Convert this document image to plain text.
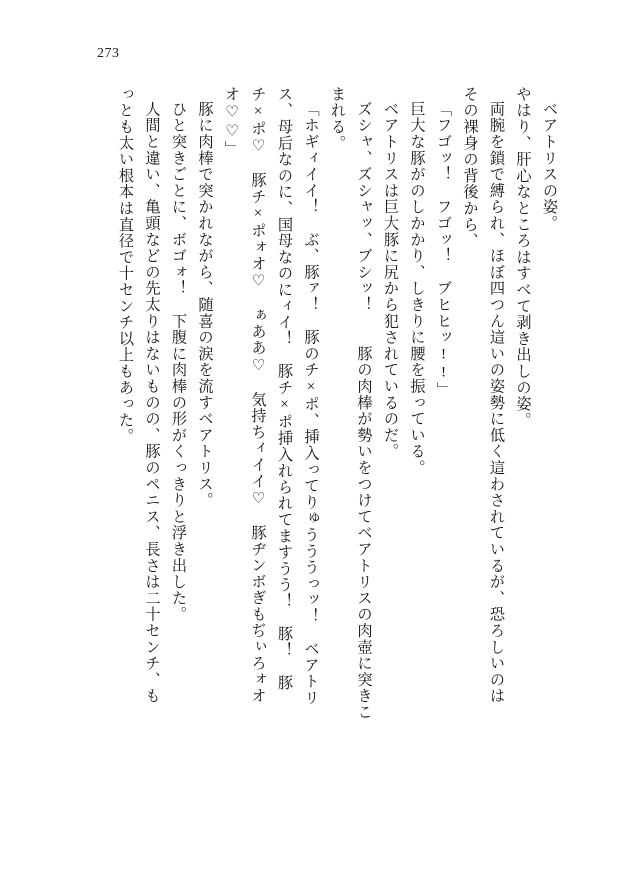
273

ベアトリスの姿。

やはり、肝心なところはすべて剥き出しの姿。

両腕を鎖で縛られ、ほぼ四つん這いの姿勢に低く這わされているが、恐ろしいのは

その裸身の背後から、

「フゴッ！　フゴッ！　ブヒヒッ!!」

巨大な豚がのしかかり、しきりに腰を振っている。

ベアトリスは巨大豚に尻から犯されているのだ。

ズシャ、ズシャッ、ブシッ！　　豚の肉棒が勢いをつけてベアトリスの肉壺に突きこ

まれる。

「ホギィイイ！　ぶ、豚ァ！　豚のチ×ポ、挿入ってりゅうううっッ！　ベアトリ

ス、母后なのに、国母なのにィイ！　豚チ×ポ挿入れられてますうう！　豚！　豚

チ×ポ♡　豚チ×ポォオ♡　ぁああ♡　気持ちィイイ♡　豚ヂンボぎもぢぃろォオ

オ♡♡」

豚に肉棒で突かれながら、随喜の涙を流すベアトリス。

ひと突きごとに、ボゴォ！　下腹に肉棒の形がくっきりと浮き出した。

人間と違い、亀頭などの先太りはないものの、豚のペニス、長さは二十センチ、も

っとも太い根本は直径で十センチ以上もあった。
